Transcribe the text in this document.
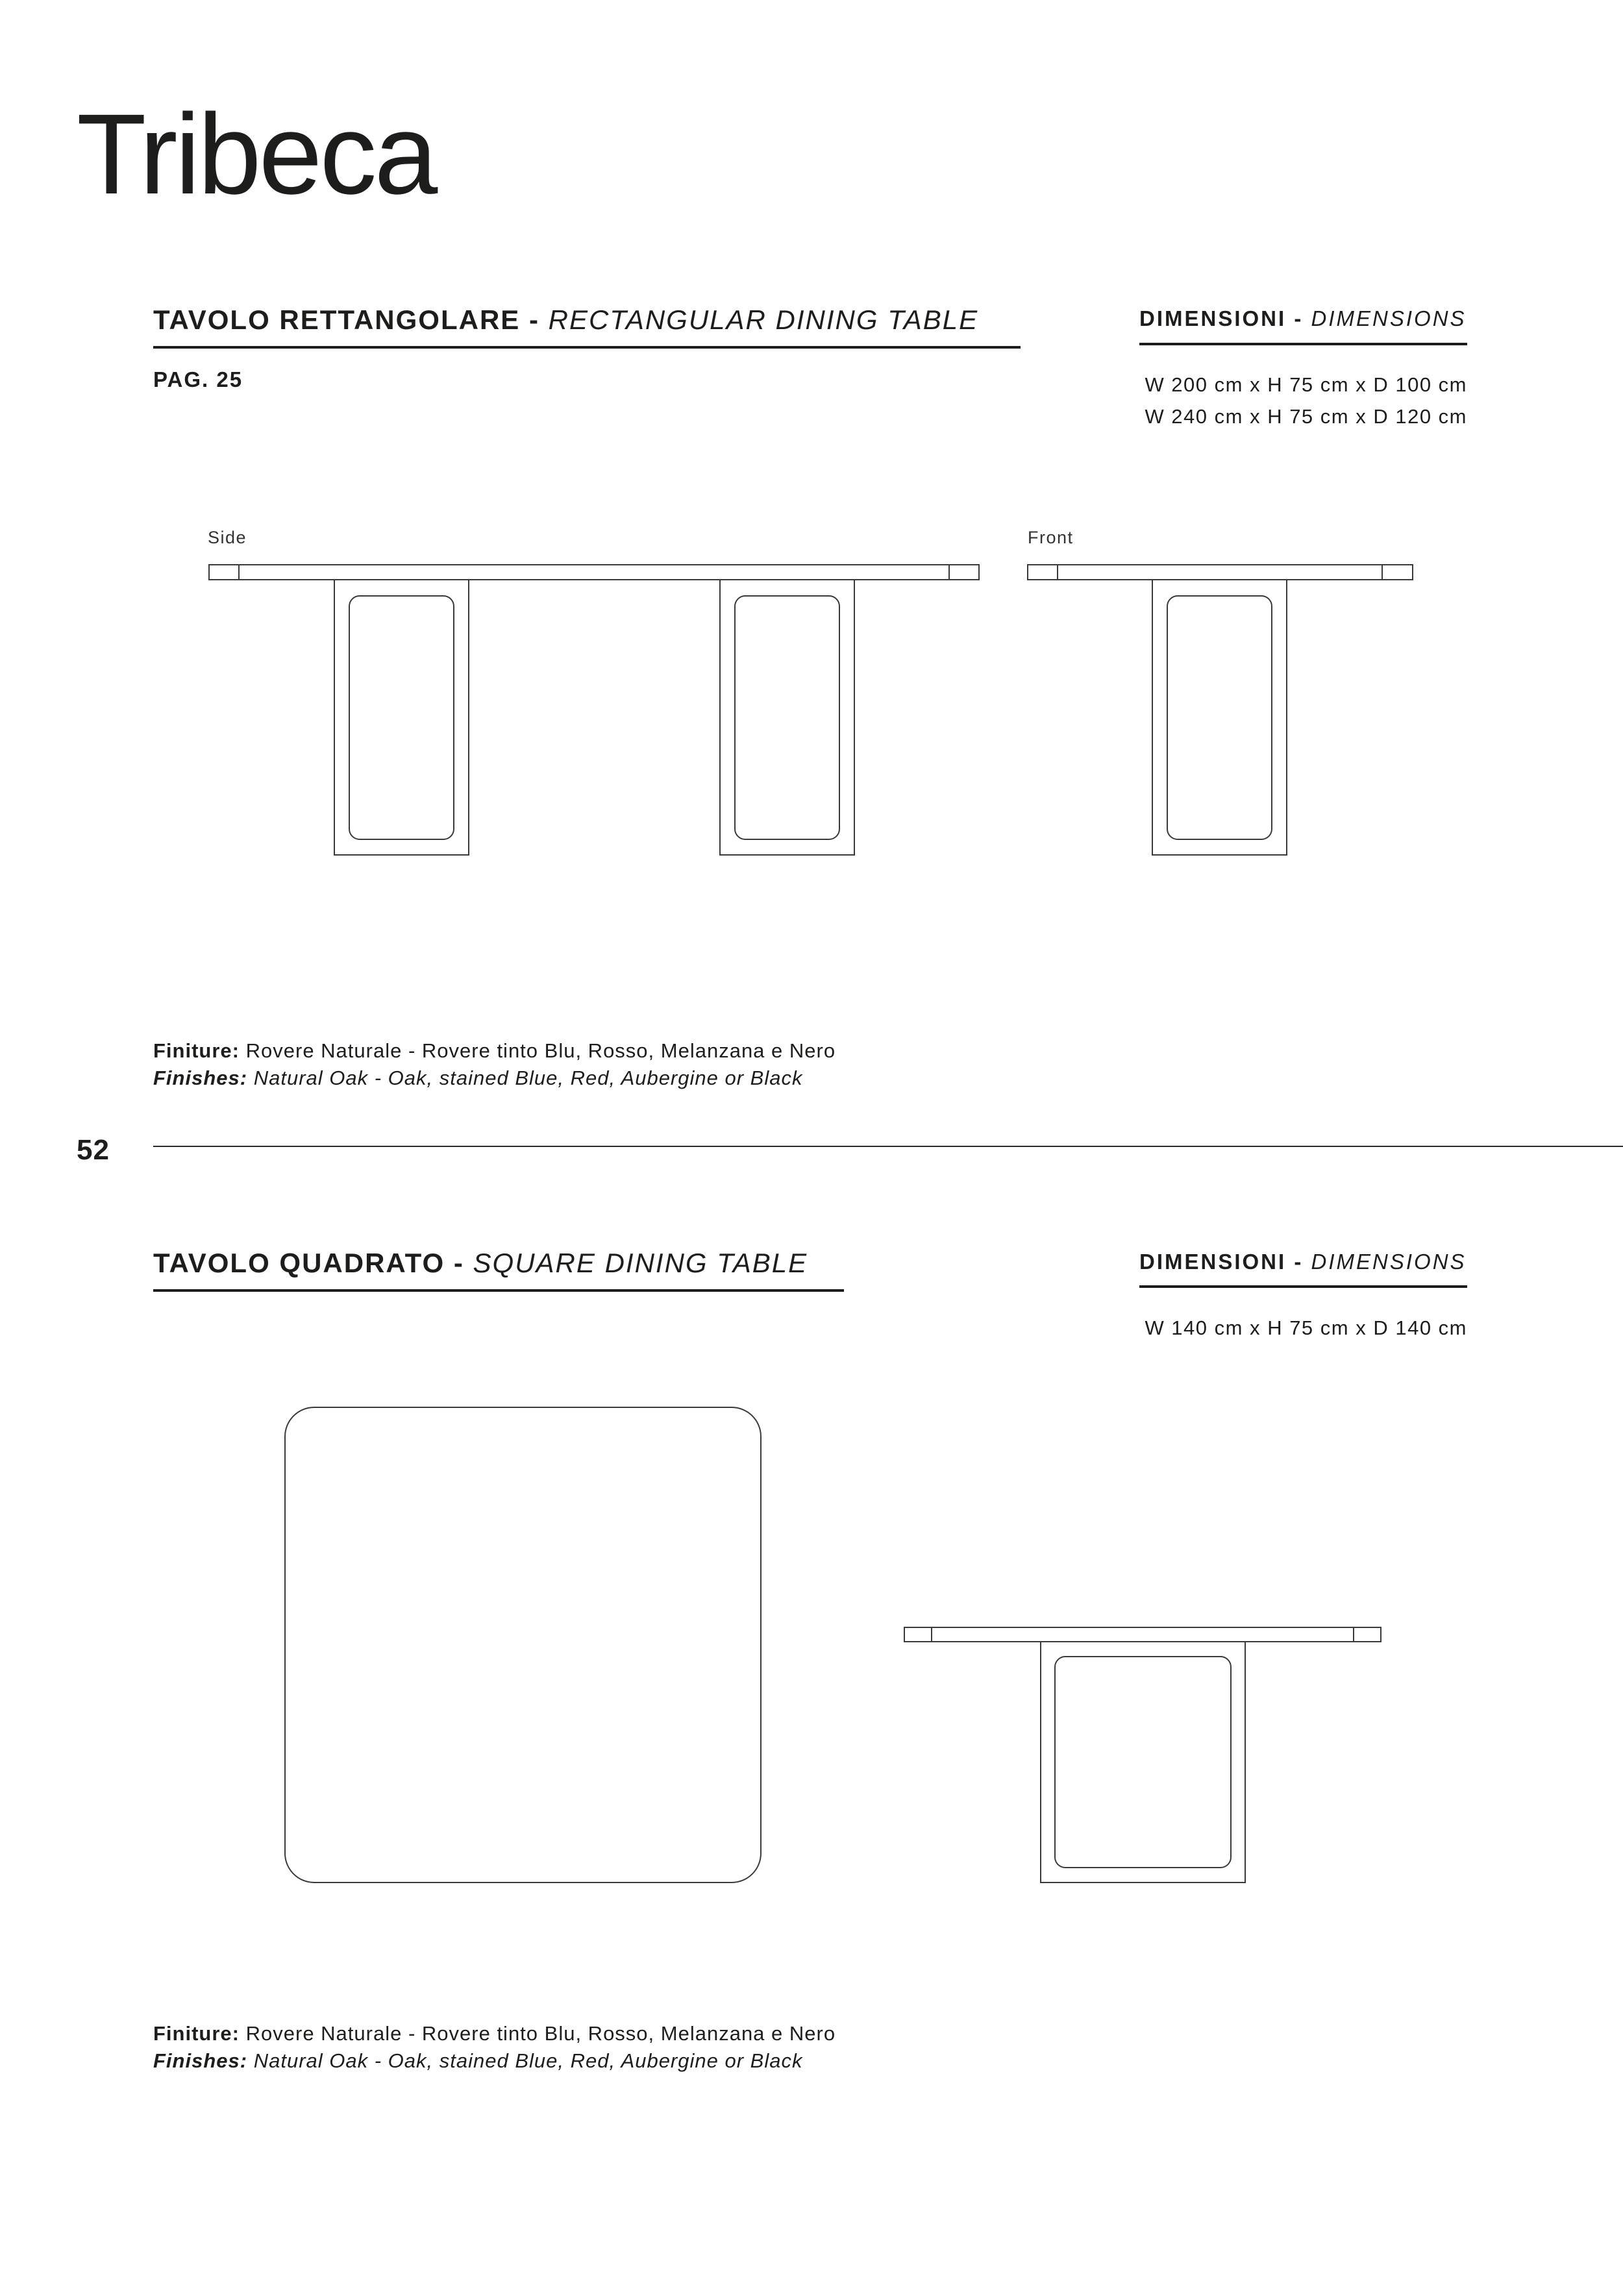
Tribeca
TAVOLO RETTANGOLARE - RECTANGULAR DINING TABLE
PAG. 25
DIMENSIONI - DIMENSIONS
W 200 cm x H 75 cm x D 100 cm
W 240 cm x H 75 cm x D 120 cm
Side	Front
Finiture: Rovere Naturale - Rovere tinto Blu, Rosso, Melanzana e Nero
Finishes: Natural Oak - Oak, stained Blue, Red, Aubergine or Black
52
TAVOLO QUADRATO - SQUARE DINING TABLE	DIMENSIONI - DIMENSIONS
W 140 cm x H 75 cm x D 140 cm
Finiture: Rovere Naturale - Rovere tinto Blu, Rosso, Melanzana e Nero
Finishes: Natural Oak - Oak, stained Blue, Red, Aubergine or Black
